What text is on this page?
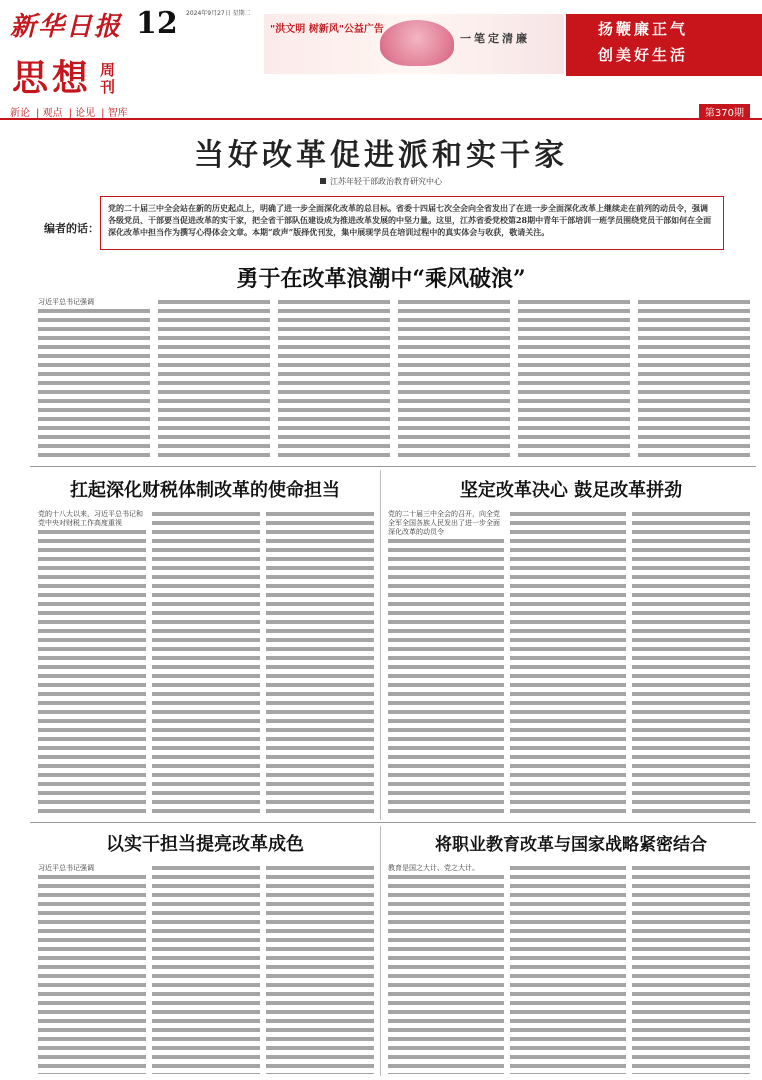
新华日报 12 2024年9月27日 星期二
思想 周刊
"洪文明 树新风"公益广告
一笔定清廉
扬鞭廉正气
创美好生活
新论 | 观点 | 论见 | 智库	第370期
当好改革促进派和实干家
江苏年轻干部政治教育研究中心
编者的话：
党的二十届三中全会站在新的历史起点上，明确了进一步全面深化改革的总目标。省委十四届七次全会向全省发出了在进一步全面深化改革上继续走在前列的动员令，强调各级党员、干部要当促进改革的实干家，把全省干部队伍建设成为推进改革发展的中坚力量。这里，江苏省委党校第28期中青年干部培训一班学员围绕党员干部如何在全面深化改革中担当作为撰写心得体会文章。本期“政声”版择优刊发，集中展现学员在培训过程中的真实体会与收获，敬请关注。
勇于在改革浪潮中“乘风破浪”
习近平总书记强调
扛起深化财税体制改革的使命担当
党的十八大以来，习近平总书记和党中央对财税工作高度重视
坚定改革决心 鼓足改革拼劲
党的二十届三中全会的召开，向全党全军全国各族人民发出了进一步全面深化改革的动员令
以实干担当提亮改革成色
习近平总书记强调
将职业教育改革与国家战略紧密结合
教育是国之大计、党之大计。
